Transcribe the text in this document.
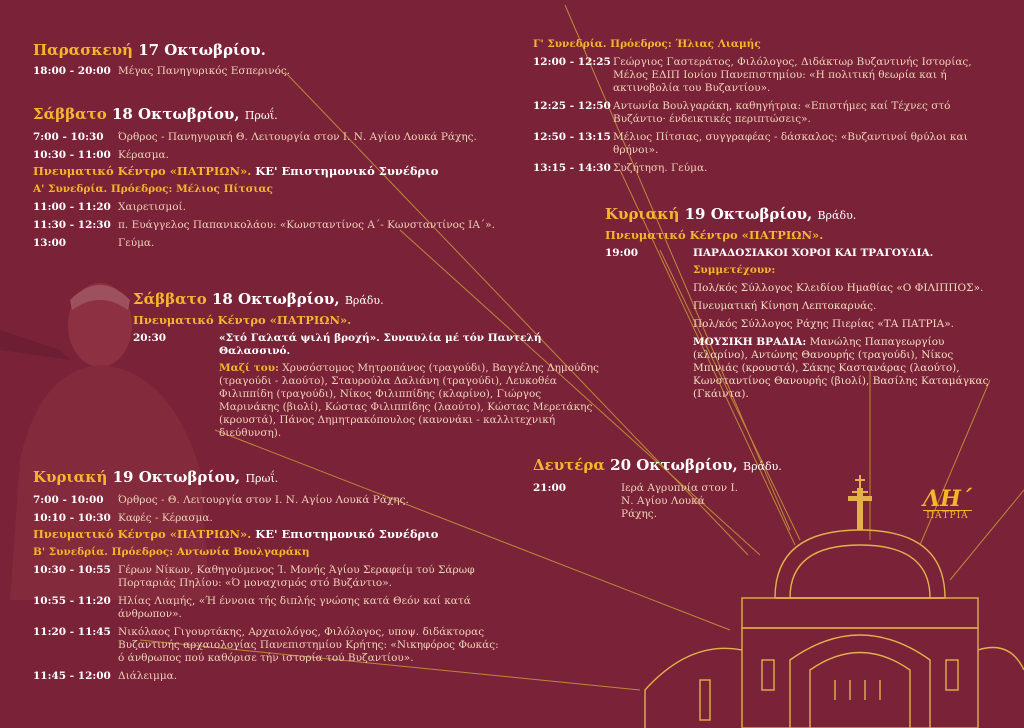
Παρασκευή 17 Οκτωβρίου.
18:00 - 20:00 Μέγας Πανηγυρικός Εσπερινός.
Σάββατο 18 Οκτωβρίου, Πρωΐ.
7:00 - 10:30	Όρθρος - Πανηγυρική Θ. Λειτουργία στον Ι. Ν. Αγίου Λουκά Ράχης.
10:30 - 11:00 Κέρασμα.
Πνευματικό Κέντρο «ΠΑΤΡΙΩΝ». ΚΕ' Επιστημονικό Συνέδριο
Α' Συνεδρία. Πρόεδρος: Μέλιος Πίτσιας
11:00 - 11:20 Χαιρετισμοί.
11:30 - 12:30 π. Ευάγγελος Παπανικολάου: «Κωνσταντίνος Α΄- Κωνσταντίνος ΙΑ΄».
13:00	Γεύμα.
Σάββατο 18 Οκτωβρίου, Βράδυ.
Πνευματικό Κέντρο «ΠΑΤΡΙΩΝ».
20:30	«Στό Γαλατά ψιλή βροχή». Συναυλία μέ τόν Παντελή Θαλασσινό.
Μαζί του: Χρυσόστομος Μητροπάνος (τραγούδι), Βαγγέλης Δημούδης (τραγούδι - λαούτο), Σταυρούλα Δαλιάνη (τραγούδι), Λευκοθέα Φιλιππίδη (τραγούδι), Νίκος Φιλιππίδης (κλαρίνο), Γιώργος Μαρινάκης (βιολί), Κώστας Φιλιππίδης (λαούτο), Κώστας Μερετάκης (κρουστά), Πάνος Δημητρακόπουλος (κανονάκι - καλλιτεχνική διεύθυνση).
Κυριακή 19 Οκτωβρίου, Πρωΐ.
7:00 - 10:00	Όρθρος - Θ. Λειτουργία στον Ι. Ν. Αγίου Λουκά Ράχης.
10:10 - 10:30 Καφές - Κέρασμα.
Πνευματικό Κέντρο «ΠΑΤΡΙΩΝ». ΚΕ' Επιστημονικό Συνέδριο
Β' Συνεδρία. Πρόεδρος: Αντωνία Βουλγαράκη
10:30 - 10:55 Γέρων Νίκων, Καθηγούμενος Ί. Μονής Άγίου Σεραφείμ τού Σάρωφ Πορταριάς Πηλίου: «Ό μοναχισμός στό Βυζάντιο».
10:55 - 11:20 Ηλίας Λιαμής, «Ή έννοια τής διπλής γνώσης κατά Θεόν καί κατά άνθρωπον».
11:20 - 11:45 Νικόλαος Γιγουρτάκης, Αρχαιολόγος, Φιλόλογος, υποψ. διδάκτορας Βυζαντινής αρχαιολογίας Πανεπιστημίου Κρήτης: «Νικηφόρος Φωκάς: ό άνθρωπος πού καθόρισε τήν ιστορία τού Βυζαντίου».
11:45 - 12:00 Διάλειμμα.
Γ' Συνεδρία. Πρόεδρος: Ήλιας Λιαμής
12:00 - 12:25 Γεώργιος Γαστεράτος, Φιλόλογος, Διδάκτωρ Βυζαντινής Ιστορίας, Μέλος ΕΔΙΠ Ιονίου Πανεπιστημίου: «Η πολιτική θεωρία και ή ακτινοβολία του Βυζαντίου».
12:25 - 12:50 Αντωνία Βουλγαράκη, καθηγήτρια: «Επιστήμες καί Τέχνες στό Βυζάντιο· ένδεικτικές περιπτώσεις».
12:50 - 13:15 Μέλιος Πίτσιας, συγγραφέας - δάσκαλος: «Βυζαντινοί θρύλοι και θρήνοι».
13:15 - 14:30 Συζήτηση. Γεύμα.
Κυριακή 19 Οκτωβρίου, Βράδυ.
Πνευματικό Κέντρο «ΠΑΤΡΙΩΝ».
19:00	ΠΑΡΑΔΟΣΙΑΚΟΙ ΧΟΡΟΙ ΚΑΙ ΤΡΑΓΟΥΔΙΑ.
Συμμετέχουν:
Πολ/κός Σύλλογος Κλειδίου Ημαθίας «Ο ΦΙΛΙΠΠΟΣ».
Πνευματική Κίνηση Λεπτοκαρυάς.
Πολ/κός Σύλλογος Ράχης Πιερίας «ΤΑ ΠΑΤΡΙΑ».
ΜΟΥΣΙΚΗ ΒΡΑΔΙΑ: Μανώλης Παπαγεωργίου (κλαρίνο), Αντώνης Θανουρής (τραγούδι), Νίκος Μπινιάς (κρουστά), Σάκης Καστανάρας (λαούτο), Κωνσταντίνος Θανουρής (βιολί), Βασίλης Καταμάγκας (Γκάιντα).
Δευτέρα 20 Οκτωβρίου, Βράδυ.
21:00	Ιερά Αγρυπνία στον Ι. Ν. Αγίου Λουκά Ράχης.
ΛΗ΄
ΠΑΤΡΙΑ
